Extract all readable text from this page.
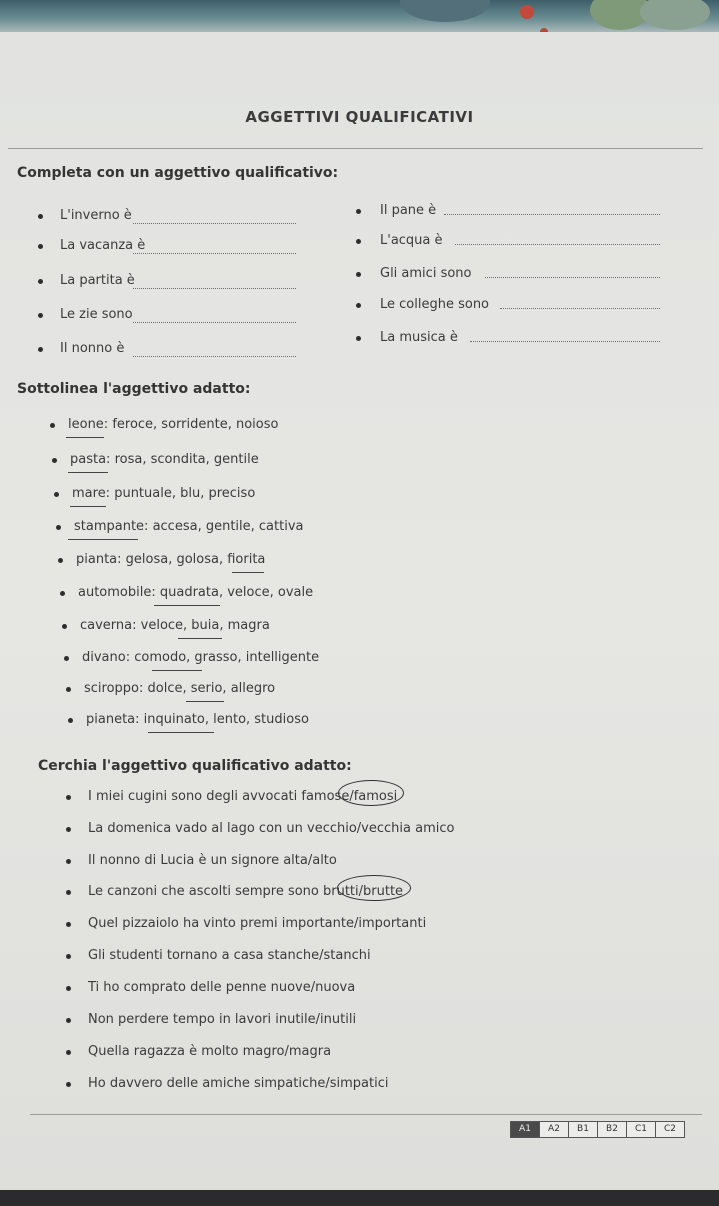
AGGETTIVI QUALIFICATIVI
Completa con un aggettivo qualificativo:
L'inverno è
La vacanza è
La partita è
Le zie sono
Il nonno è
Il pane è
L'acqua è
Gli amici sono
Le colleghe sono
La musica è
Sottolinea l'aggettivo adatto:
leone: feroce, sorridente, noioso
pasta: rosa, scondita, gentile
mare: puntuale, blu, preciso
stampante: accesa, gentile, cattiva
pianta: gelosa, golosa, fiorita
automobile: quadrata, veloce, ovale
caverna: veloce, buia, magra
divano: comodo, grasso, intelligente
sciroppo: dolce, serio, allegro
pianeta: inquinato, lento, studioso
Cerchia l'aggettivo qualificativo adatto:
I miei cugini sono degli avvocati famose/famosi
La domenica vado al lago con un vecchio/vecchia amico
Il nonno di Lucia è un signore alta/alto
Le canzoni che ascolti sempre sono brutti/brutte
Quel pizzaiolo ha vinto premi importante/importanti
Gli studenti tornano a casa stanche/stanchi
Ti ho comprato delle penne nuove/nuova
Non perdere tempo in lavori inutile/inutili
Quella ragazza è molto magro/magra
Ho davvero delle amiche simpatiche/simpatici
A1	A2	B1	B2	C1	C2
